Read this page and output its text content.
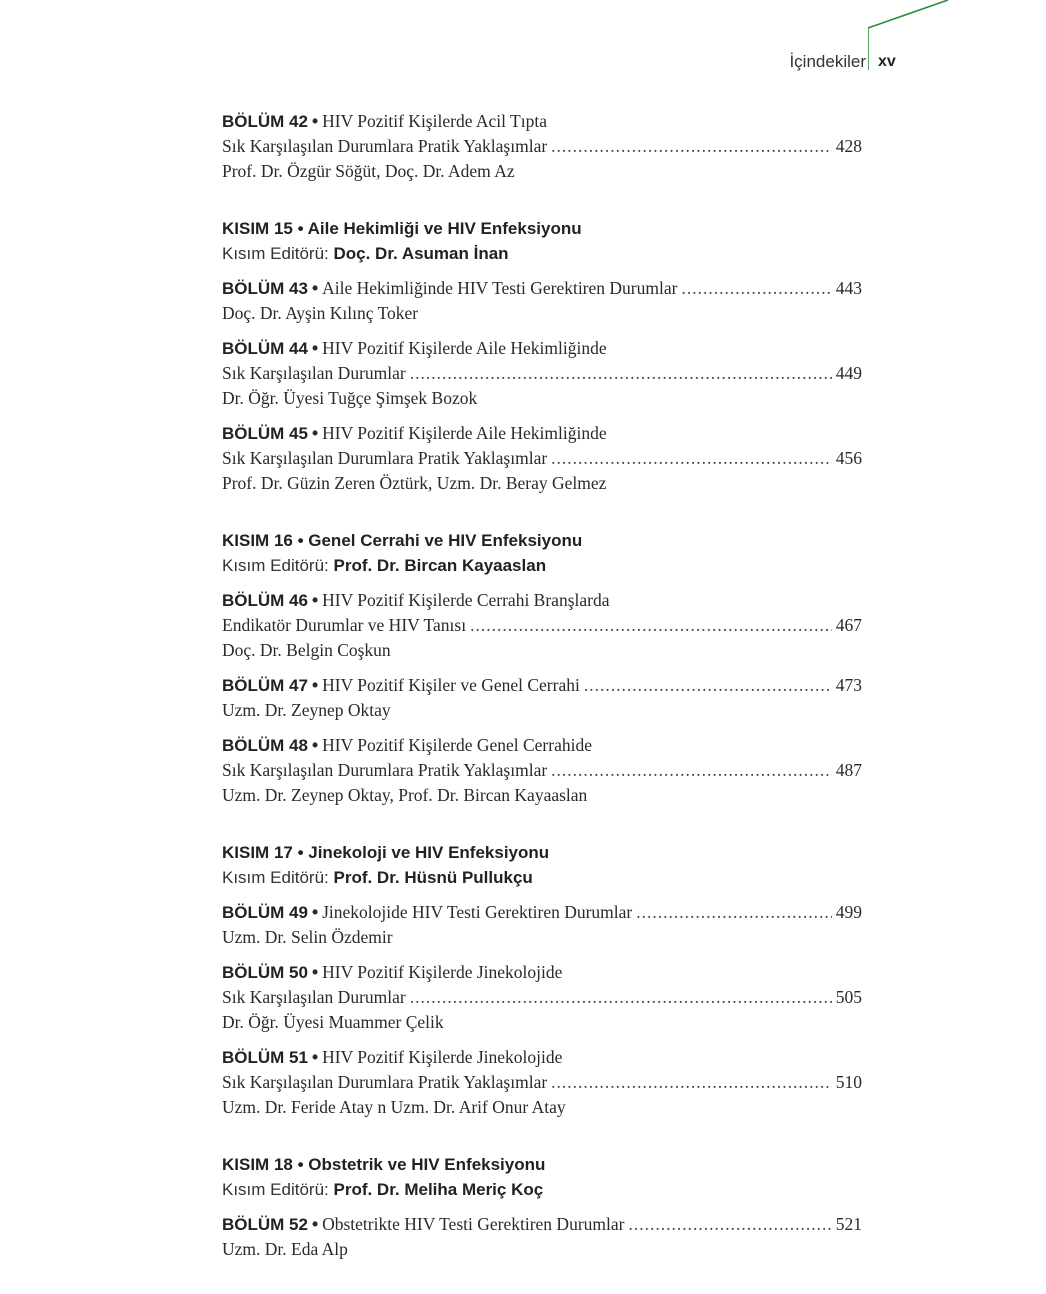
İçindekiler xv
BÖLÜM 42 • HIV Pozitif Kişilerde Acil Tıpta
Sık Karşılaşılan Durumlara Pratik Yaklaşımlar .....	428
Prof. Dr. Özgür Söğüt, Doç. Dr. Adem Az
KISIM 15 • Aile Hekimliği ve HIV Enfeksiyonu
Kısım Editörü: Doç. Dr. Asuman İnan
BÖLÜM 43 • Aile Hekimliğinde HIV Testi Gerektiren Durumlar .....	443
Doç. Dr. Ayşin Kılınç Toker
BÖLÜM 44 • HIV Pozitif Kişilerde Aile Hekimliğinde
Sık Karşılaşılan Durumlar .....	449
Dr. Öğr. Üyesi Tuğçe Şimşek Bozok
BÖLÜM 45 • HIV Pozitif Kişilerde Aile Hekimliğinde
Sık Karşılaşılan Durumlara Pratik Yaklaşımlar .....	456
Prof. Dr. Güzin Zeren Öztürk, Uzm. Dr. Beray Gelmez
KISIM 16 • Genel Cerrahi ve HIV Enfeksiyonu
Kısım Editörü: Prof. Dr. Bircan Kayaaslan
BÖLÜM 46 • HIV Pozitif Kişilerde Cerrahi Branşlarda
Endikatör Durumlar ve HIV Tanısı .....	467
Doç. Dr. Belgin Coşkun
BÖLÜM 47 • HIV Pozitif Kişiler ve Genel Cerrahi .....	473
Uzm. Dr. Zeynep Oktay
BÖLÜM 48 • HIV Pozitif Kişilerde Genel Cerrahide
Sık Karşılaşılan Durumlara Pratik Yaklaşımlar .....	487
Uzm. Dr. Zeynep Oktay, Prof. Dr. Bircan Kayaaslan
KISIM 17 • Jinekoloji ve HIV Enfeksiyonu
Kısım Editörü: Prof. Dr. Hüsnü Pullukçu
BÖLÜM 49 • Jinekolojide HIV Testi Gerektiren Durumlar .....	499
Uzm. Dr. Selin Özdemir
BÖLÜM 50 • HIV Pozitif Kişilerde Jinekolojide
Sık Karşılaşılan Durumlar .....	505
Dr. Öğr. Üyesi Muammer Çelik
BÖLÜM 51 • HIV Pozitif Kişilerde Jinekolojide
Sık Karşılaşılan Durumlara Pratik Yaklaşımlar .....	510
Uzm. Dr. Feride Atay n Uzm. Dr. Arif Onur Atay
KISIM 18 • Obstetrik ve HIV Enfeksiyonu
Kısım Editörü: Prof. Dr. Meliha Meriç Koç
BÖLÜM 52 • Obstetrikte HIV Testi Gerektiren Durumlar .....	521
Uzm. Dr. Eda Alp
